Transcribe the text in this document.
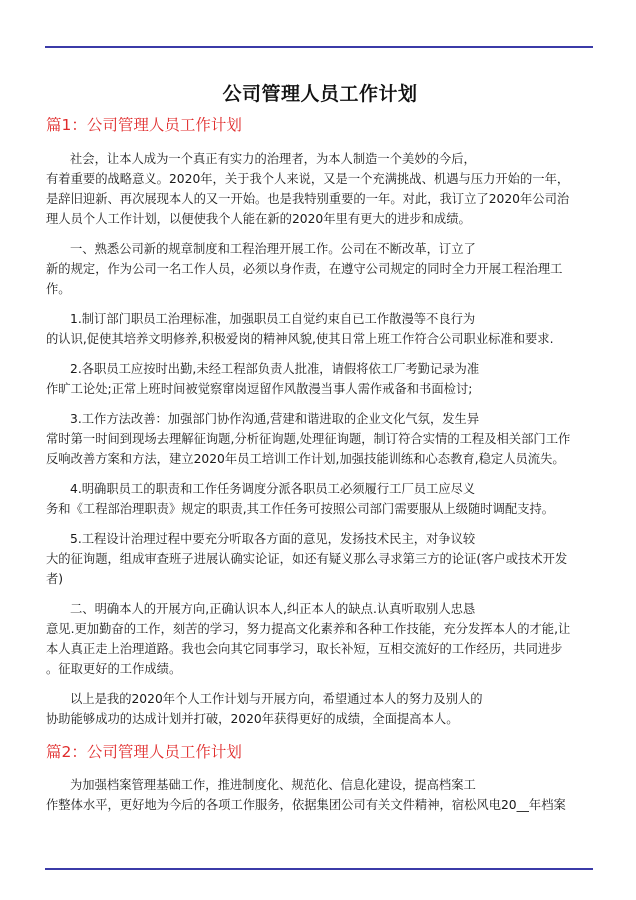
公司管理人员工作计划
篇1：公司管理人员工作计划

社会，让本人成为一个真正有实力的治理者，为本人制造一个美妙的今后，
有着重要的战略意义。2020年，关于我个人来说，又是一个充满挑战、机遇与压力开始的一年，
是辞旧迎新、再次展现本人的又一开始。也是我特别重要的一年。对此，我订立了2020年公司治
理人员个人工作计划，以便使我个人能在新的2020年里有更大的进步和成绩。

一、熟悉公司新的规章制度和工程治理开展工作。公司在不断改革，订立了
新的规定，作为公司一名工作人员，必须以身作责，在遵守公司规定的同时全力开展工程治理工
作。

1.制订部门职员工治理标准，加强职员工自觉约束自已工作散漫等不良行为
的认识,促使其培养文明修养,积极爱岗的精神风貌,使其日常上班工作符合公司职业标准和要求.

2.各职员工应按时出勤,未经工程部负责人批准，请假将依工厂考勤记录为准
作旷工论处;正常上班时间被觉察窜岗逗留作风散漫当事人需作戒备和书面检讨;

3.工作方法改善：加强部门协作沟通,营建和谐进取的企业文化气氛，发生异
常时第一时间到现场去理解征询题,分析征询题,处理征询题，制订符合实情的工程及相关部门工作
反响改善方案和方法，建立2020年员工培训工作计划,加强技能训练和心态教育,稳定人员流失。

4.明确职员工的职责和工作任务调度分派各职员工必须履行工厂员工应尽义
务和《工程部治理职责》规定的职责,其工作任务可按照公司部门需要服从上级随时调配支持。

5.工程设计治理过程中要充分听取各方面的意见，发扬技术民主，对争议较
大的征询题，组成审查班子进展认确实论证，如还有疑义那么寻求第三方的论证(客户或技术开发
者)

二、明确本人的开展方向,正确认识本人,纠正本人的缺点.认真听取别人忠恳
意见.更加勤奋的工作，刻苦的学习，努力提高文化素养和各种工作技能，充分发挥本人的才能,让
本人真正走上治理道路。我也会向其它同事学习，取长补短，互相交流好的工作经历，共同进步
。征取更好的工作成绩。

以上是我的2020年个人工作计划与开展方向，希望通过本人的努力及别人的
协助能够成功的达成计划并打破，2020年获得更好的成绩，全面提高本人。

篇2：公司管理人员工作计划

为加强档案管理基础工作，推进制度化、规范化、信息化建设，提高档案工
作整体水平，更好地为今后的各项工作服务，依据集团公司有关文件精神，宿松风电20__年档案
